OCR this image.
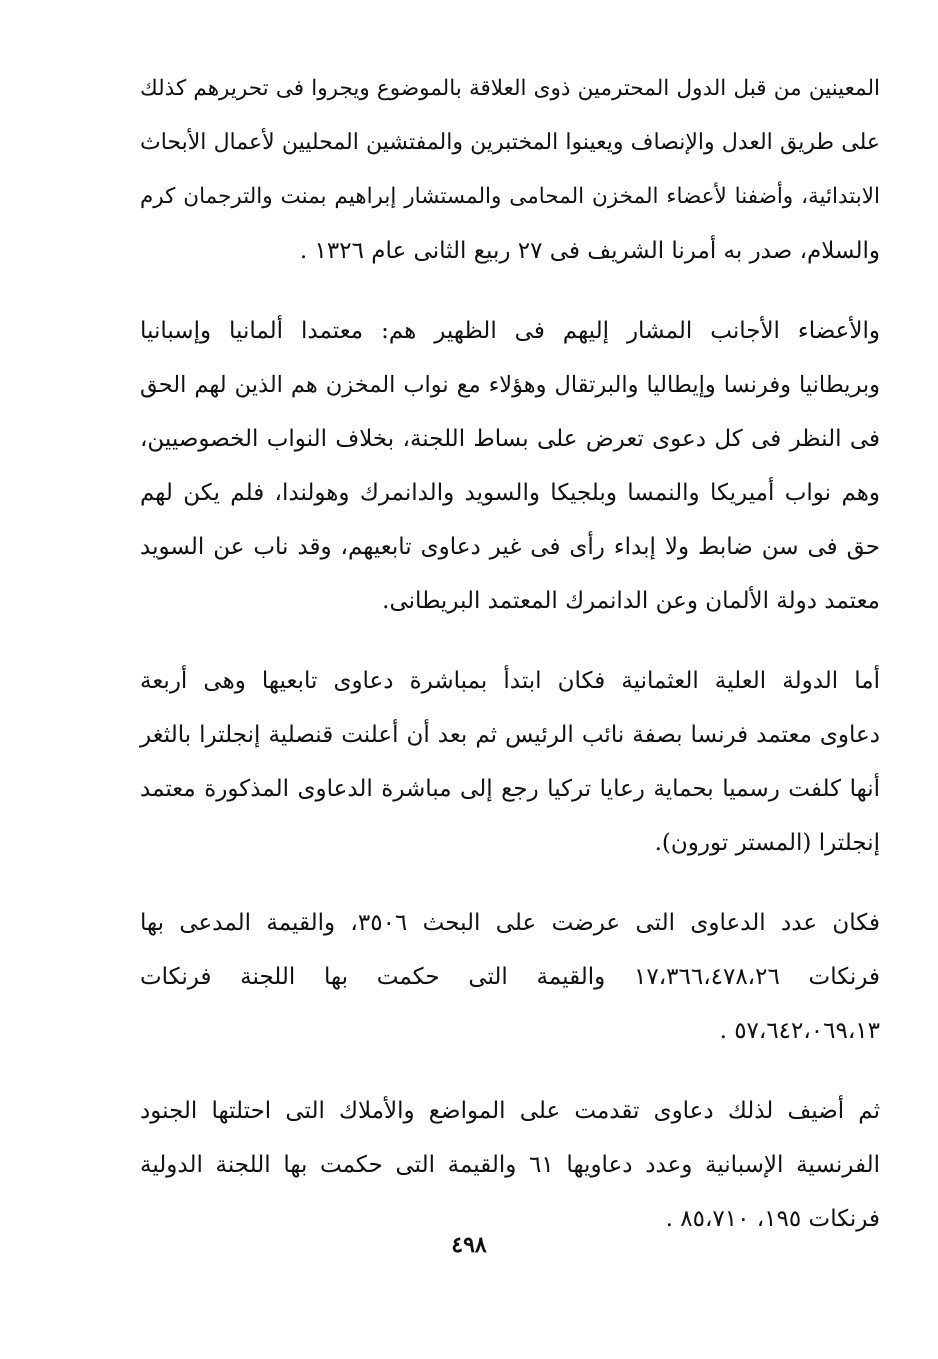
المعينين من قبل الدول المحترمين ذوى العلاقة بالموضوع ويجروا فى تحريرهم كذلك
على طريق العدل والإنصاف ويعينوا المختبرين والمفتشين المحليين لأعمال الأبحاث
الابتدائية، وأضفنا لأعضاء المخزن المحامى والمستشار إبراهيم بمنت والترجمان كرم
والسلام، صدر به أمرنا الشريف فى ٢٧ ربيع الثانى عام ١٣٢٦ .
والأعضاء الأجانب المشار إليهم فى الظهير هم: معتمدا ألمانيا وإسبانيا
وبريطانيا وفرنسا وإيطاليا والبرتقال وهؤلاء مع نواب المخزن هم الذين لهم الحق
فى النظر فى كل دعوى تعرض على بساط اللجنة، بخلاف النواب الخصوصيين،
وهم نواب أميريكا والنمسا وبلجيكا والسويد والدانمرك وهولندا، فلم يكن لهم
حق فى سن ضابط ولا إبداء رأى فى غير دعاوى تابعيهم، وقد ناب عن السويد
معتمد دولة الألمان وعن الدانمرك المعتمد البريطانى.
أما الدولة العلية العثمانية فكان ابتدأ بمباشرة دعاوى تابعيها وهى أربعة
دعاوى معتمد فرنسا بصفة نائب الرئيس ثم بعد أن أعلنت قنصلية إنجلترا بالثغر
أنها كلفت رسميا بحماية رعايا تركيا رجع إلى مباشرة الدعاوى المذكورة معتمد
إنجلترا (المستر تورون).
فكان عدد الدعاوى التى عرضت على البحث ٣٥٠٦، والقيمة المدعى بها
فرنكات ١٧،٣٦٦،٤٧٨،٢٦ والقيمة التى حكمت بها اللجنة فرنكات
٥٧،٦٤٢،٠٦٩،١٣ .
ثم أضيف لذلك دعاوى تقدمت على المواضع والأملاك التى احتلتها الجنود
الفرنسية الإسبانية وعدد دعاويها ٦١ والقيمة التى حكمت بها اللجنة الدولية
فرنكات ١٩٥، ٨٥،٧١٠ .
٤٩٨
